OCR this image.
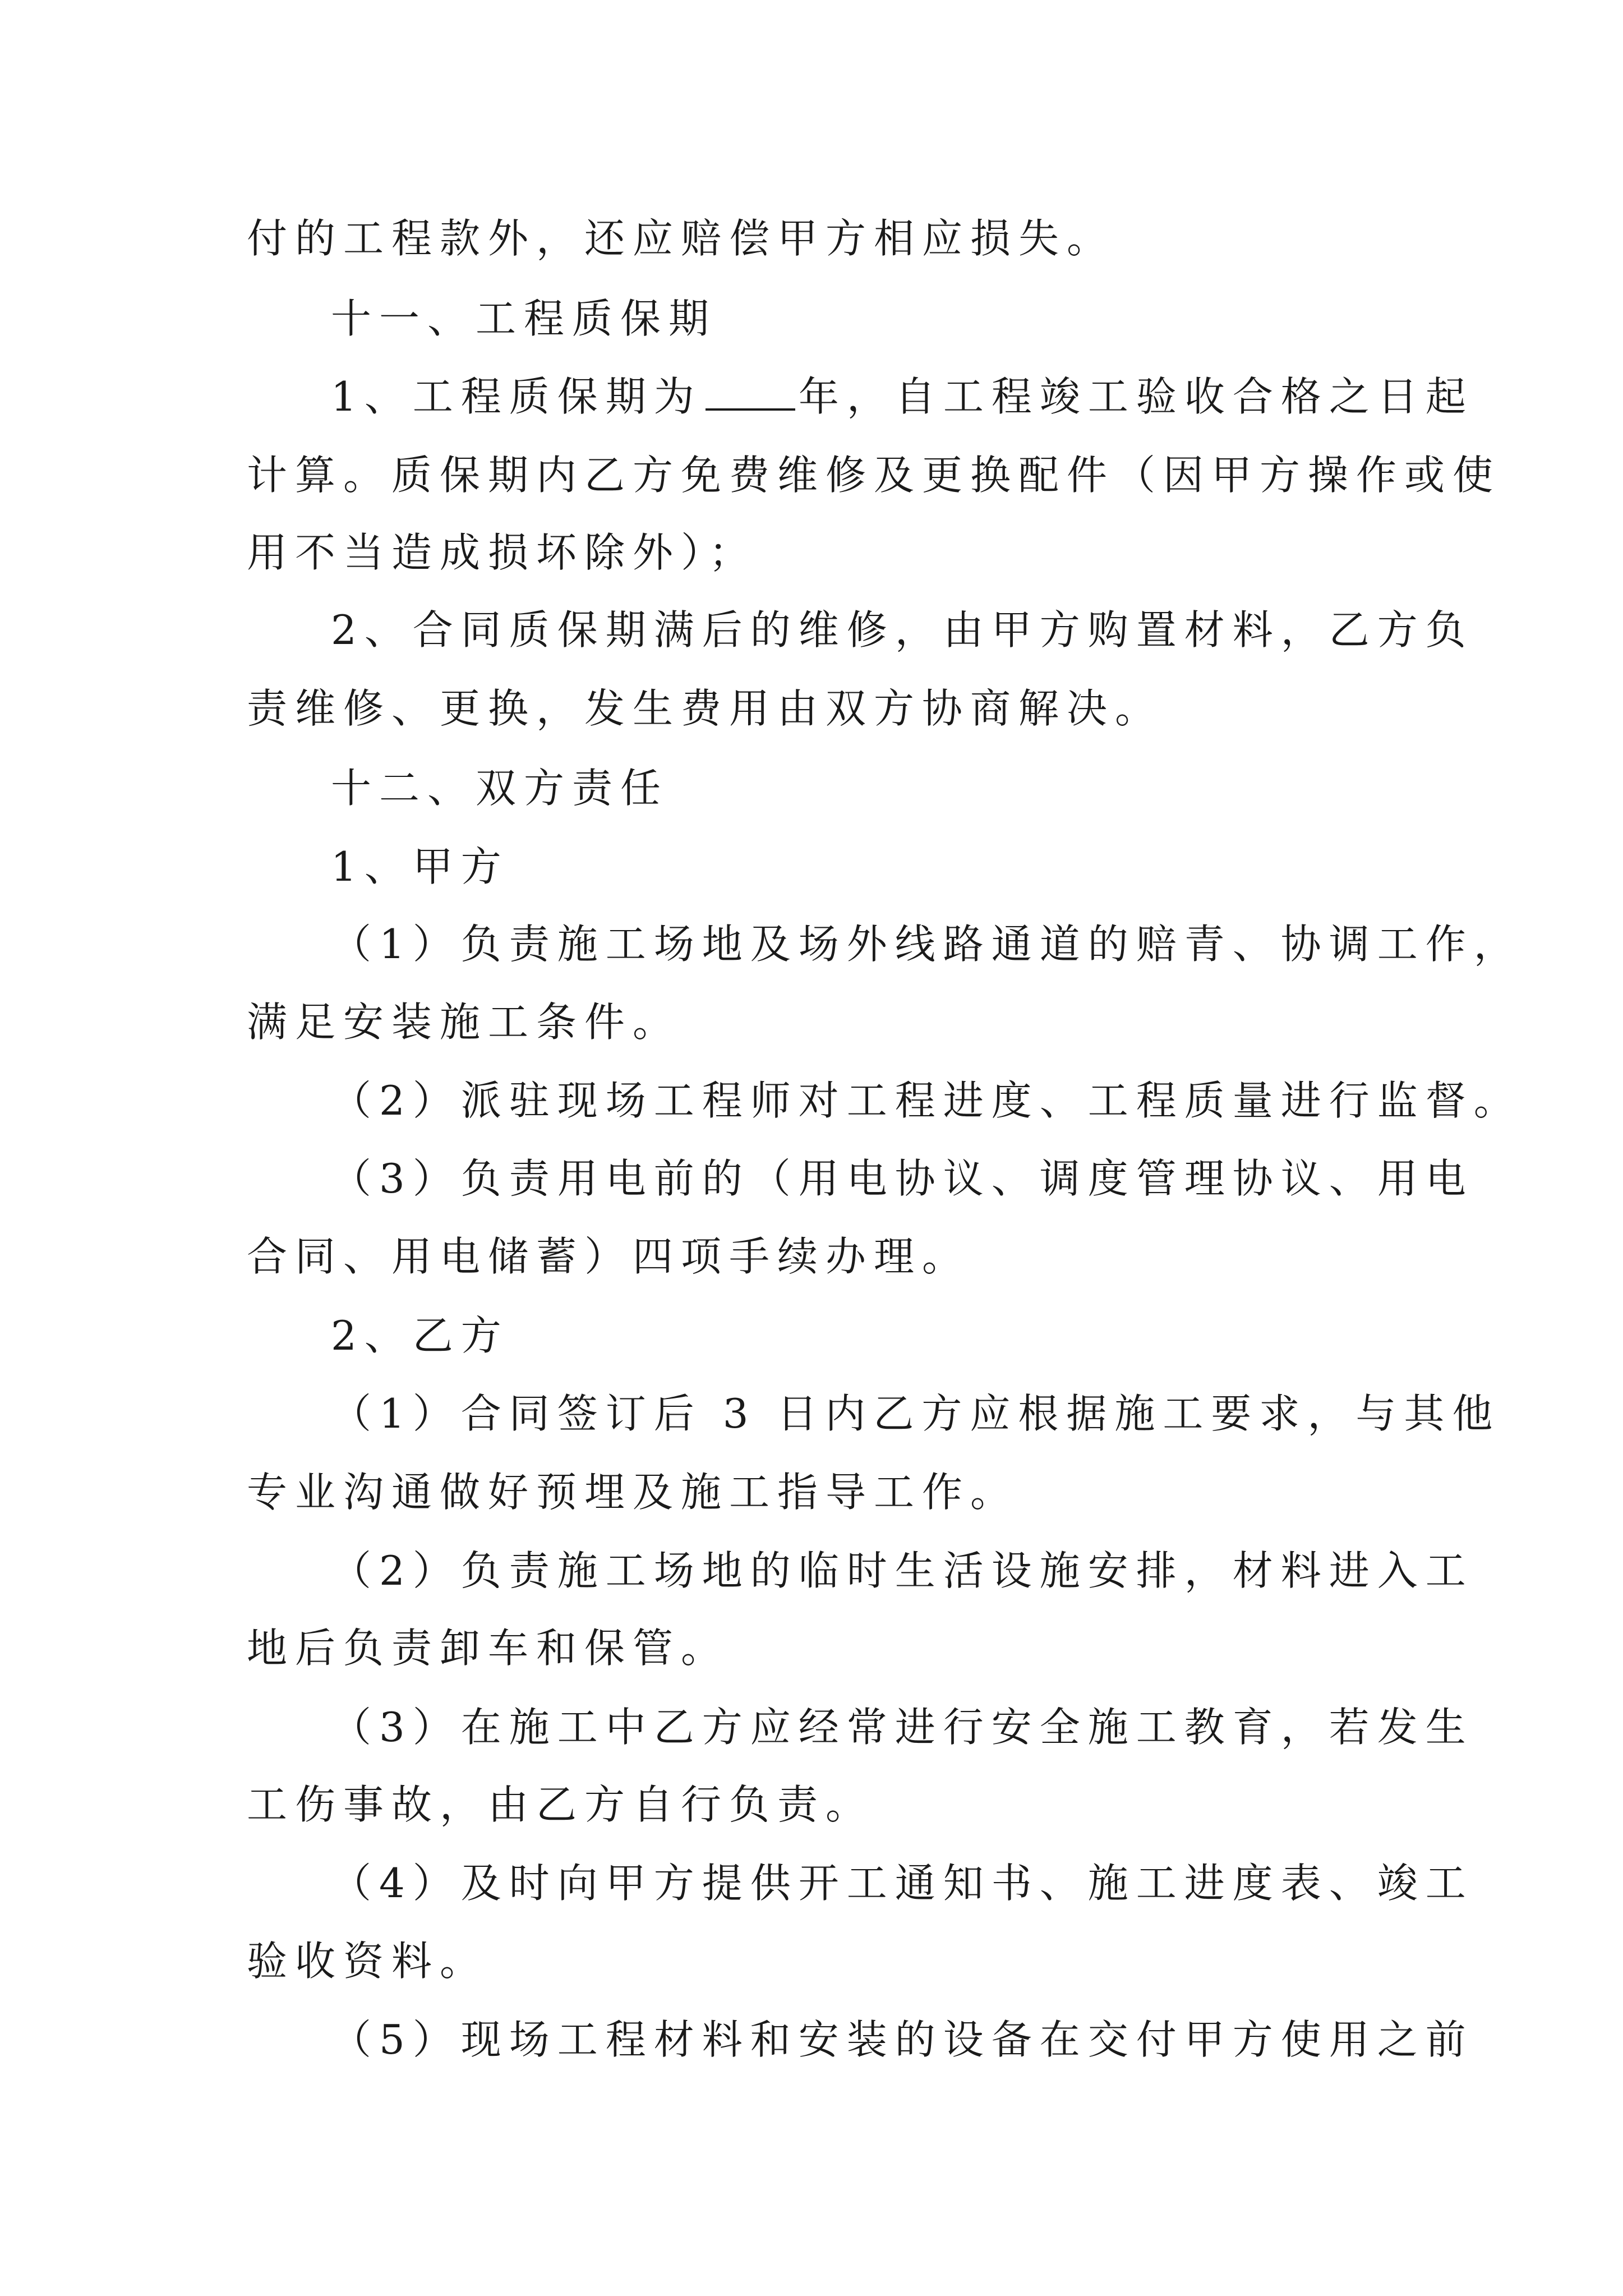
付的工程款外，还应赔偿甲方相应损失。
十一、工程质保期
1、工程质保期为 年，自工程竣工验收合格之日起
计算。质保期内乙方免费维修及更换配件（因甲方操作或使
用不当造成损坏除外）；
2、合同质保期满后的维修，由甲方购置材料，乙方负
责维修、更换，发生费用由双方协商解决。
十二、双方责任
1、甲方
（1）负责施工场地及场外线路通道的赔青、协调工作，
满足安装施工条件。
（2）派驻现场工程师对工程进度、工程质量进行监督。
（3）负责用电前的（用电协议、调度管理协议、用电
合同、用电储蓄）四项手续办理。
2、乙方
（1）合同签订后 3 日内乙方应根据施工要求，与其他
专业沟通做好预埋及施工指导工作。
（2）负责施工场地的临时生活设施安排，材料进入工
地后负责卸车和保管。
（3）在施工中乙方应经常进行安全施工教育，若发生
工伤事故，由乙方自行负责。
（4）及时向甲方提供开工通知书、施工进度表、竣工
验收资料。
（5）现场工程材料和安装的设备在交付甲方使用之前
